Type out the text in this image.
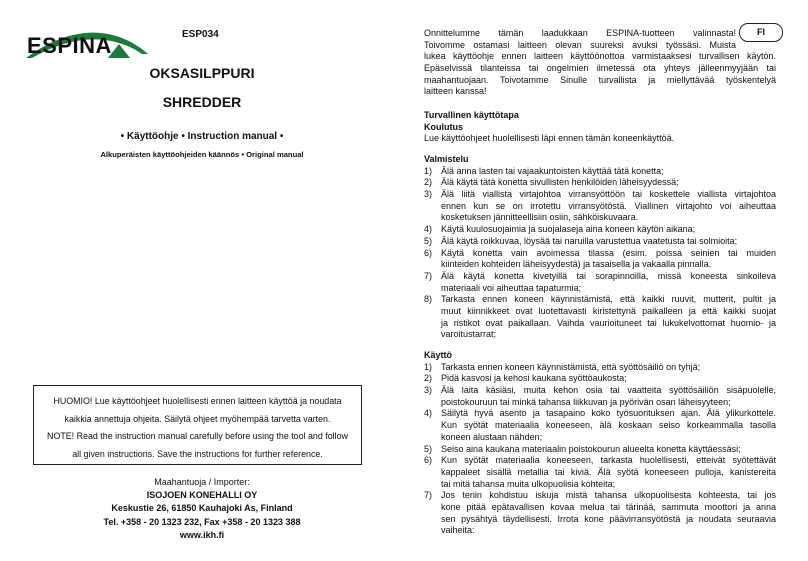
ESPINA	ESP034
OKSASILPPURI
SHREDDER
• Käyttöohje • Instruction manual •
Alkuperäisten käyttöohjeiden käännös • Original manual
HUOMIO! Lue käyttöohjeet huolellisesti ennen laitteen käyttöä ja noudata
kaikkia annettuja ohjeita. Säilytä ohjeet myöhempää tarvetta varten.
NOTE! Read the instruction manual carefully before using the tool and follow
all given instructions. Save the instructions for further reference.
Maahantuoja / Importer:
ISOJOEN KONEHALLI OY
Keskustie 26, 61850 Kauhajoki As, Finland
Tel. +358 - 20 1323 232, Fax +358 - 20 1323 388
www.ikh.fi
FI
Onnittelumme tämän laadukkaan ESPINA-tuotteen valinnasta!
Toivomme ostamasi laitteen olevan suureksi avuksi työssäsi. Muista
lukea käyttöohje ennen laitteen käyttöönottoa varmistaaksesi turvallisen käytön.
Epäselvissä tilanteissa tai ongelmien ilmetessä ota yhteys jälleenmyyjään tai
maahantuojaan. Toivotamme Sinulle turvallista ja miellyttävää työskentelyä
laitteen kanssa!
Turvallinen käyttötapa
Koulutus
Lue käyttöohjeet huolellisesti läpi ennen tämän koneenkäyttöä.
Valmistelu
1) Älä anna lasten tai vajaakuntoisten käyttää tätä konetta;
2) Älä käytä tätä konetta sivullisten henkilöiden läheisyydessä;
3) Älä liitä viallista virtajohtoa virransyöttöön tai koskettele viallista virtajohtoa
ennen kun se on irrotettu virransyötöstä. Viallinen virtajohto voi aiheuttaa
kosketuksen jännitteellisiin osiin, sähköiskuvaara.
4) Käytä kuulosuojaimia ja suojalaseja aina koneen käytön aikana;
5) Älä käytä roikkuvaa, löysää tai naruilla varustettua vaatetusta tai solmioita;
6) Käytä konetta vain avoimessa tilassa (esim. poissa seinien tai muiden
kiinteiden kohteiden läheisyydestä) ja tasaisella ja vakaalla pinnalla.
7) Älä käytä konetta kivetyillä tai sorapinnoilla, missä koneesta sinkoileva
materiaali voi aiheuttaa tapaturmia;
8) Tarkasta ennen koneen käynnistämistä, että kaikki ruuvit, mutterit, pultit ja
muut kiinnikkeet ovat luotettavasti kiristettynä paikalleen ja että kaikki suojat
ja ristikot ovat paikallaan. Vaihda vaurioituneet tai lukukelvottomat huomio- ja
varoitustarrat;
Käyttö
1) Tarkasta ennen koneen käynnistämistä, että syöttösäiliö on tyhjä;
2) Pidä kasvosi ja kehosi kaukana syöttöaukosta;
3) Älä laita käsiäsi, muita kehon osia tai vaatteita syöttösäiliön sisäpuolelle,
poistokouruun tai minkä tahansa liikkuvan ja pyörivän osan läheisyyteen;
4) Säilytä hyvä asento ja tasapaino koko työsuorituksen ajan. Älä ylikurkottele.
Kun syötät materiaalia koneeseen, älä koskaan seiso korkeammalla tasolla
koneen alustaan nähden;
5) Seiso aina kaukana materiaalin poistokourun alueelta konetta käyttäessäsi;
6) Kun syötät materiaalia koneeseen, tarkasta huolellisesti, etteivät syötettävät
kappaleet sisällä metallia tai kiviä. Älä syötä koneeseen pulloja, kanistereita
tai mitä tahansa muita ulkopuolisia kohteita;
7) Jos teriin kohdistuu iskuja mistä tahansa ulkopuolisesta kohteesta, tai jos
kone pitää epätavallisen kovaa melua tai tärinää, sammuta moottori ja anna
sen pysähtyä täydellisesti. Irrota kone päävirransyötöstä ja noudata seuraavia
vaiheita:
